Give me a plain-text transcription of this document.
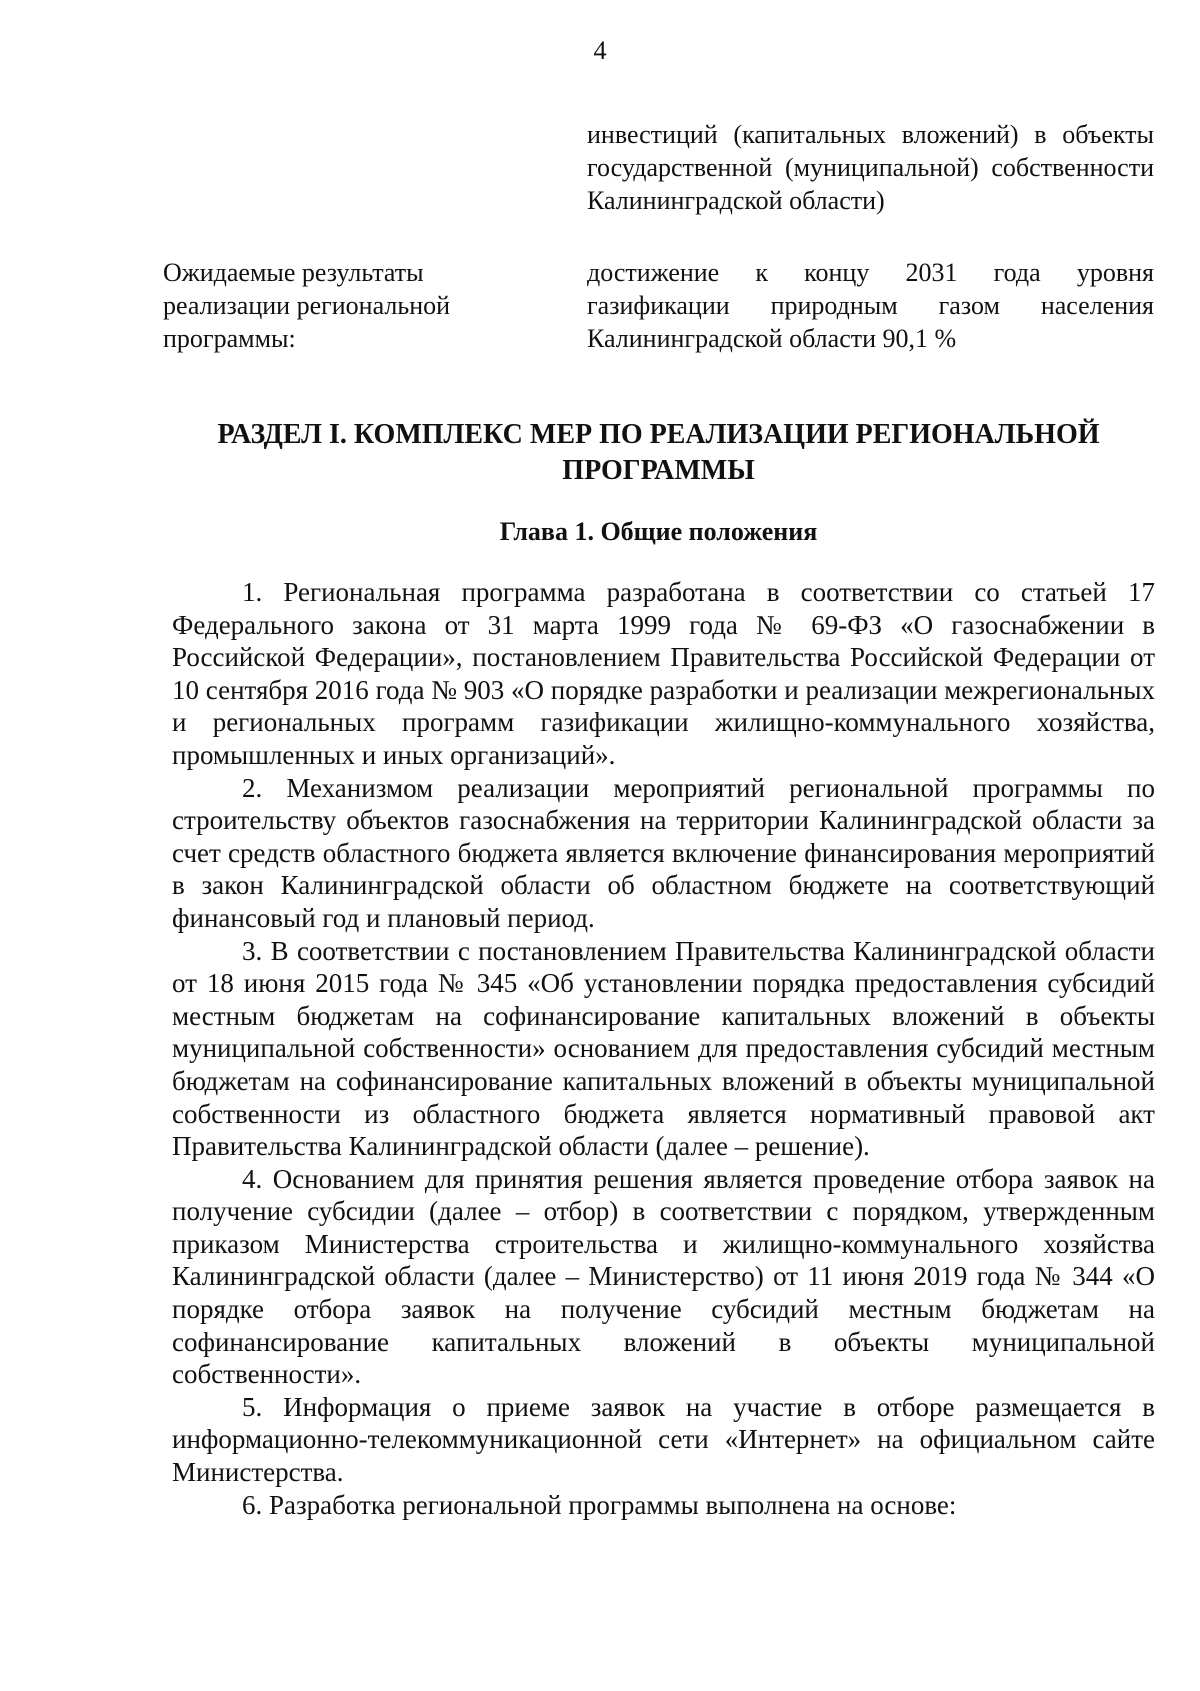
4
инвестиций (капитальных вложений) в объекты государственной (муниципальной) собственности Калининградской области)
Ожидаемые результаты реализации региональной программы:
достижение к концу 2031 года уровня газификации природным газом населения Калининградской области 90,1 %
РАЗДЕЛ I. КОМПЛЕКС МЕР ПО РЕАЛИЗАЦИИ РЕГИОНАЛЬНОЙ ПРОГРАММЫ
Глава 1. Общие положения

1. Региональная программа разработана в соответствии со статьей 17 Федерального закона от 31 марта 1999 года № 69-ФЗ «О газоснабжении в Российской Федерации», постановлением Правительства Российской Федерации от 10 сентября 2016 года № 903 «О порядке разработки и реализации межрегиональных и региональных программ газификации жилищно-коммунального хозяйства, промышленных и иных организаций».

2. Механизмом реализации мероприятий региональной программы по строительству объектов газоснабжения на территории Калининградской области за счет средств областного бюджета является включение финансирования мероприятий в закон Калининградской области об областном бюджете на соответствующий финансовый год и плановый период.

3. В соответствии с постановлением Правительства Калининградской области от 18 июня 2015 года № 345 «Об установлении порядка предоставления субсидий местным бюджетам на софинансирование капитальных вложений в объекты муниципальной собственности» основанием для предоставления субсидий местным бюджетам на софинансирование капитальных вложений в объекты муниципальной собственности из областного бюджета является нормативный правовой акт Правительства Калининградской области (далее – решение).

4. Основанием для принятия решения является проведение отбора заявок на получение субсидии (далее – отбор) в соответствии с порядком, утвержденным приказом Министерства строительства и жилищно-коммунального хозяйства Калининградской области (далее – Министерство) от 11 июня 2019 года № 344 «О порядке отбора заявок на получение субсидий местным бюджетам на софинансирование капитальных вложений в объекты муниципальной собственности».

5. Информация о приеме заявок на участие в отборе размещается в информационно-телекоммуникационной сети «Интернет» на официальном сайте Министерства.

6. Разработка региональной программы выполнена на основе:
